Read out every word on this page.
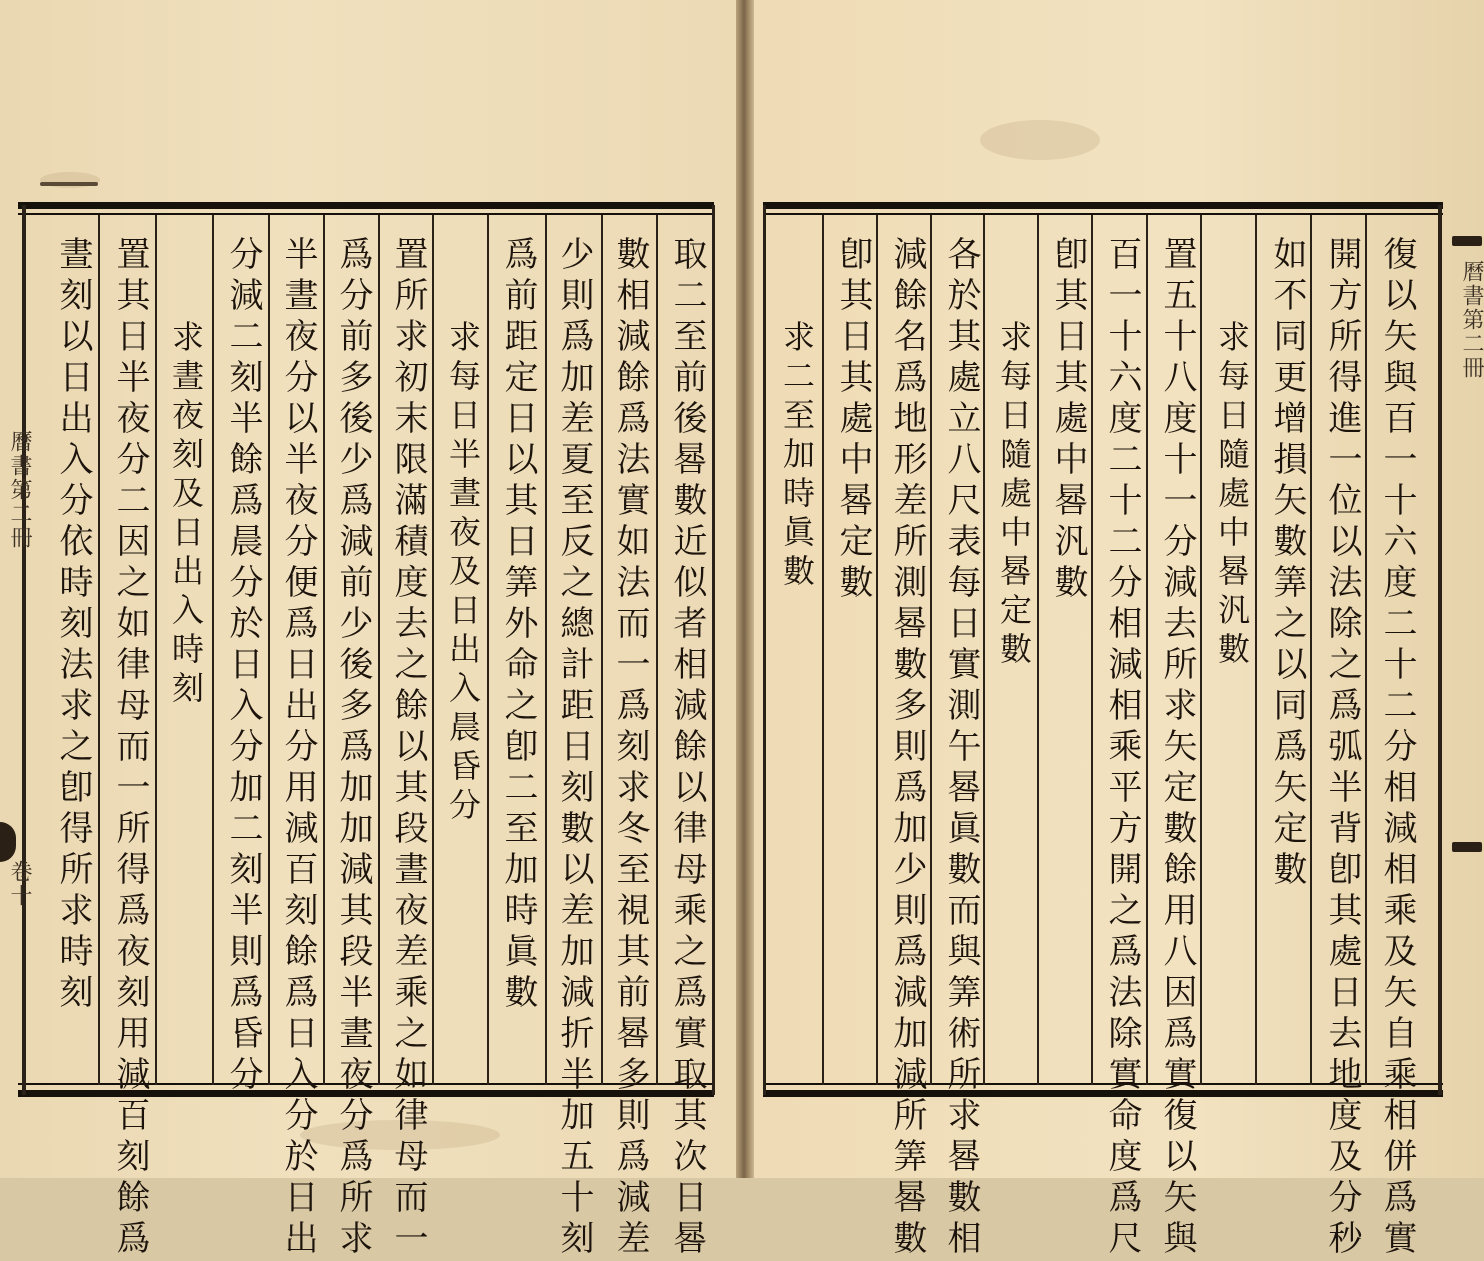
取二至前後晷數近似者相減餘以律母乘之爲實取其次日晷
數相減餘爲法實如法而一爲刻求冬至視其前晷多則爲減差
少則爲加差夏至反之總計距日刻數以差加減折半加五十刻
爲前距定日以其日筭外命之卽二至加時眞數
求每日半晝夜及日出入晨昏分
置所求初末限滿積度去之餘以其段晝夜差乘之如律母而一
爲分前多後少爲減前少後多爲加加減其段半晝夜分爲所求
半晝夜分以半夜分便爲日出分用減百刻餘爲日入分於日出
分減二刻半餘爲晨分於日入分加二刻半則爲昏分
求晝夜刻及日出入時刻
置其日半夜分二因之如律母而一所得爲夜刻用減百刻餘爲
晝刻以日出入分依時刻法求之卽得所求時刻
曆書第二冊
卷十	復以矢與百一十六度二十二分相減相乘及矢自乘相併爲實
開方所得進一位以法除之爲弧半背卽其處日去地度及分秒
如不同更增損矢數筭之以同爲矢定數
求每日隨處中晷汎數
置五十八度十一分減去所求矢定數餘用八因爲實復以矢與
百一十六度二十二分相減相乘平方開之爲法除實命度爲尺
卽其日其處中晷汎數
求每日隨處中晷定數
各於其處立八尺表每日實測午晷眞數而與筭術所求晷數相
減餘名爲地形差所測晷數多則爲加少則爲減加減所筭晷數
卽其日其處中晷定數
求二至加時眞數	曆書第二冊
